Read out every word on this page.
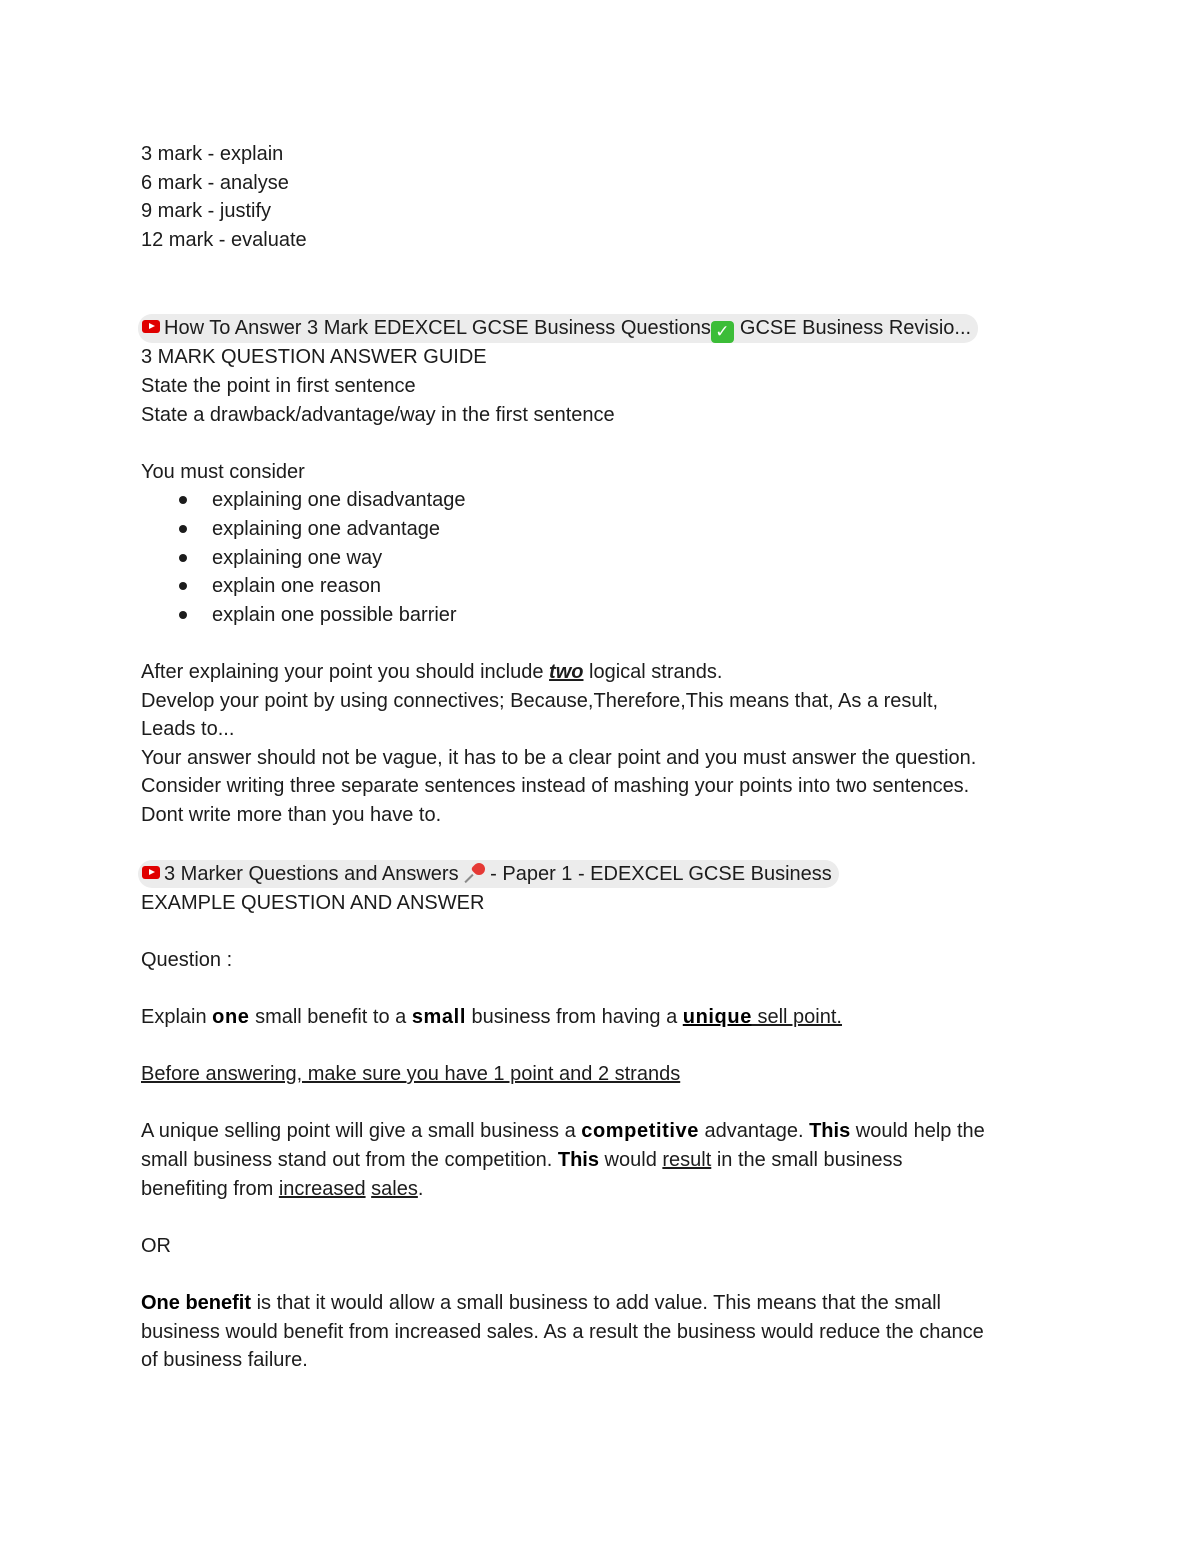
3 mark - explain
6 mark - analyse
9 mark - justify
12 mark - evaluate
How To Answer 3 Mark EDEXCEL GCSE Business Questions ✓ GCSE Business Revisio...
3 MARK QUESTION ANSWER GUIDE
State the point in first sentence
State a drawback/advantage/way in the first sentence
You must consider
explaining one disadvantage
explaining one advantage
explaining one way
explain one reason
explain one possible barrier
After explaining your point you should include two logical strands.
Develop your point by using connectives; Because,Therefore,This means that, As a result,
Leads to...
Your answer should not be vague, it has to be a clear point and you must answer the question.
Consider writing three separate sentences instead of mashing your points into two sentences.
Dont write more than you have to.
3 Marker Questions and Answers
- Paper 1 - EDEXCEL GCSE Business
EXAMPLE QUESTION AND ANSWER
Question :
Explain one small benefit to a small business from having a unique sell point.
Before answering, make sure you have 1 point and 2 strands
A unique selling point will give a small business a competitive advantage. This would help the
small business stand out from the competition. This would result in the small business
benefiting from increased sales.
OR
One benefit is that it would allow a small business to add value. This means that the small
business would benefit from increased sales. As a result the business would reduce the chance
of business failure.
